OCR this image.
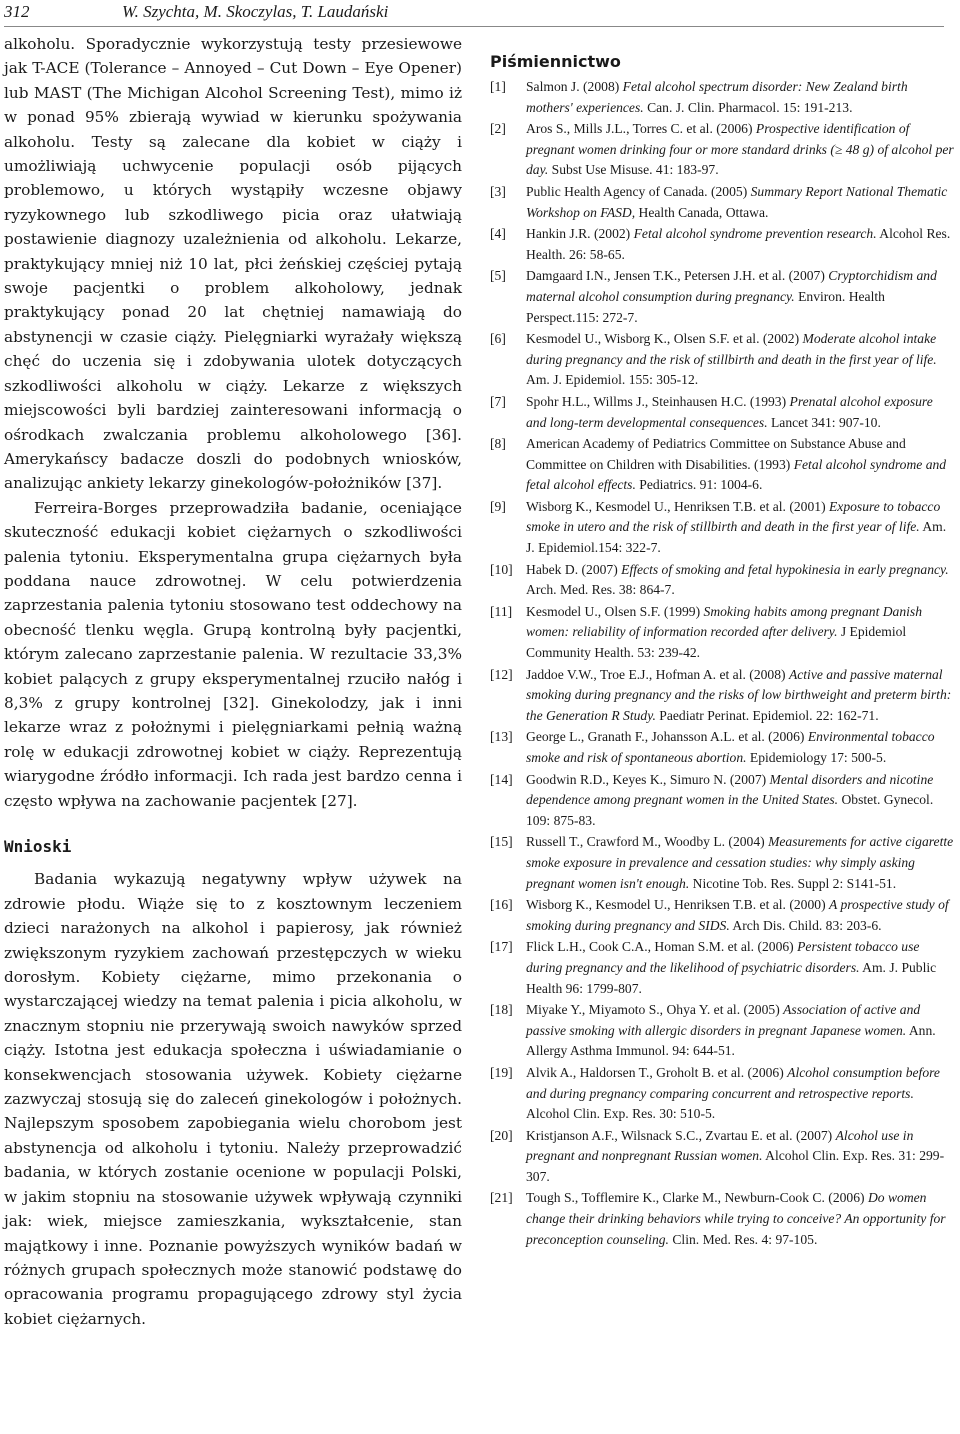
312	W. Szychta, M. Skoczylas, T. Laudański

alkoholu. Sporadycznie wykorzystują testy przesiewowe jak T-ACE (Tolerance – Annoyed – Cut Down – Eye Opener) lub MAST (The Michigan Alcohol Screening Test), mimo iż w ponad 95% zbierają wywiad w kierunku spożywania alkoholu. Testy są zalecane dla kobiet w ciąży i umożliwiają uchwycenie populacji osób pijących problemowo, u których wystąpiły wczesne objawy ryzykownego lub szkodliwego picia oraz ułatwiają postawienie diagnozy uzależnienia od alkoholu. Lekarze, praktykujący mniej niż 10 lat, płci żeńskiej częściej pytają swoje pacjentki o problem alkoholowy, jednak praktykujący ponad 20 lat chętniej namawiają do abstynencji w czasie ciąży. Pielęgniarki wyrażały większą chęć do uczenia się i zdobywania ulotek dotyczących szkodliwości alkoholu w ciąży. Lekarze z większych miejscowości byli bardziej zainteresowani informacją o ośrodkach zwalczania problemu alkoholowego [36]. Amerykańscy badacze doszli do podobnych wniosków, analizując ankiety lekarzy ginekologów-położników [37].

Ferreira-Borges przeprowadziła badanie, oceniające skuteczność edukacji kobiet ciężarnych o szkodliwości palenia tytoniu. Eksperymentalna grupa ciężarnych była poddana nauce zdrowotnej. W celu potwierdzenia zaprzestania palenia tytoniu stosowano test oddechowy na obecność tlenku węgla. Grupą kontrolną były pacjentki, którym zalecano zaprzestanie palenia. W rezultacie 33,3% kobiet palących z grupy eksperymentalnej rzuciło nałóg i 8,3% z grupy kontrolnej [32]. Ginekolodzy, jak i inni lekarze wraz z położnymi i pielęgniarkami pełnią ważną rolę w edukacji zdrowotnej kobiet w ciąży. Reprezentują wiarygodne źródło informacji. Ich rada jest bardzo cenna i często wpływa na zachowanie pacjentek [27].

Wnioski

Badania wykazują negatywny wpływ używek na zdrowie płodu. Wiąże się to z kosztownym leczeniem dzieci narażonych na alkohol i papierosy, jak również zwiększonym ryzykiem zachowań przestępczych w wieku dorosłym. Kobiety ciężarne, mimo przekonania o wystarczającej wiedzy na temat palenia i picia alkoholu, w znacznym stopniu nie przerywają swoich nawyków sprzed ciąży. Istotna jest edukacja społeczna i uświadamianie o konsekwencjach stosowania używek. Kobiety ciężarne zazwyczaj stosują się do zaleceń ginekologów i położnych. Najlepszym sposobem zapobiegania wielu chorobom jest abstynencja od alkoholu i tytoniu. Należy przeprowadzić badania, w których zostanie ocenione w populacji Polski, w jakim stopniu na stosowanie używek wpływają czynniki jak: wiek, miejsce zamieszkania, wykształcenie, stan majątkowy i inne. Poznanie powyższych wyników badań w różnych grupach społecznych może stanowić podstawę do opracowania programu propagującego zdrowy styl życia kobiet ciężarnych.

Piśmiennictwo
[1]	Salmon J. (2008) Fetal alcohol spectrum disorder: New Zealand birth mothers' experiences. Can. J. Clin. Pharmacol. 15: 191-213.
[2]	Aros S., Mills J.L., Torres C. et al. (2006) Prospective identification of pregnant women drinking four or more standard drinks (≥ 48 g) of alcohol per day. Subst Use Misuse. 41: 183-97.
[3]	Public Health Agency of Canada. (2005) Summary Report National Thematic Workshop on FASD, Health Canada, Ottawa.
[4]	Hankin J.R. (2002) Fetal alcohol syndrome prevention research. Alcohol Res. Health. 26: 58-65.
[5]	Damgaard I.N., Jensen T.K., Petersen J.H. et al. (2007) Cryptorchidism and maternal alcohol consumption during pregnancy. Environ. Health Perspect.115: 272-7.
[6]	Kesmodel U., Wisborg K., Olsen S.F. et al. (2002) Moderate alcohol intake during pregnancy and the risk of stillbirth and death in the first year of life. Am. J. Epidemiol. 155: 305-12.
[7]	Spohr H.L., Willms J., Steinhausen H.C. (1993) Prenatal alcohol exposure and long-term developmental consequences. Lancet 341: 907-10.
[8]	American Academy of Pediatrics Committee on Substance Abuse and Committee on Children with Disabilities. (1993) Fetal alcohol syndrome and fetal alcohol effects. Pediatrics. 91: 1004-6.
[9]	Wisborg K., Kesmodel U., Henriksen T.B. et al. (2001) Exposure to tobacco smoke in utero and the risk of stillbirth and death in the first year of life. Am. J. Epidemiol.154: 322-7.
[10] Habek D. (2007) Effects of smoking and fetal hypokinesia in early pregnancy. Arch. Med. Res. 38: 864-7.
[11]	Kesmodel U., Olsen S.F. (1999) Smoking habits among pregnant Danish women: reliability of information recorded after delivery. J Epidemiol Community Health. 53: 239-42.
[12] Jaddoe V.W., Troe E.J., Hofman A. et al. (2008) Active and passive maternal smoking during pregnancy and the risks of low birthweight and preterm birth: the Generation R Study. Paediatr Perinat. Epidemiol. 22: 162-71.
[13] George L., Granath F., Johansson A.L. et al. (2006) Environmental tobacco smoke and risk of spontaneous abortion. Epidemiology 17: 500-5.
[14] Goodwin R.D., Keyes K., Simuro N. (2007) Mental disorders and nicotine dependence among pregnant women in the United States. Obstet. Gynecol. 109: 875-83.
[15] Russell T., Crawford M., Woodby L. (2004) Measurements for active cigarette smoke exposure in prevalence and cessation studies: why simply asking pregnant women isn't enough. Nicotine Tob. Res. Suppl 2: S141-51.
[16] Wisborg K., Kesmodel U., Henriksen T.B. et al. (2000) A prospective study of smoking during pregnancy and SIDS. Arch Dis. Child. 83: 203-6.
[17] Flick L.H., Cook C.A., Homan S.M. et al. (2006) Persistent tobacco use during pregnancy and the likelihood of psychiatric disorders. Am. J. Public Health 96: 1799-807.
[18] Miyake Y., Miyamoto S., Ohya Y. et al. (2005) Association of active and passive smoking with allergic disorders in pregnant Japanese women. Ann. Allergy Asthma Immunol. 94: 644-51.
[19] Alvik A., Haldorsen T., Groholt B. et al. (2006) Alcohol consumption before and during pregnancy comparing concurrent and retrospective reports. Alcohol Clin. Exp. Res. 30: 510-5.
[20] Kristjanson A.F., Wilsnack S.C., Zvartau E. et al. (2007) Alcohol use in pregnant and nonpregnant Russian women. Alcohol Clin. Exp. Res. 31: 299-307.
[21] Tough S., Tofflemire K., Clarke M., Newburn-Cook C. (2006) Do women change their drinking behaviors while trying to conceive? An opportunity for preconception counseling. Clin. Med. Res. 4: 97-105.
